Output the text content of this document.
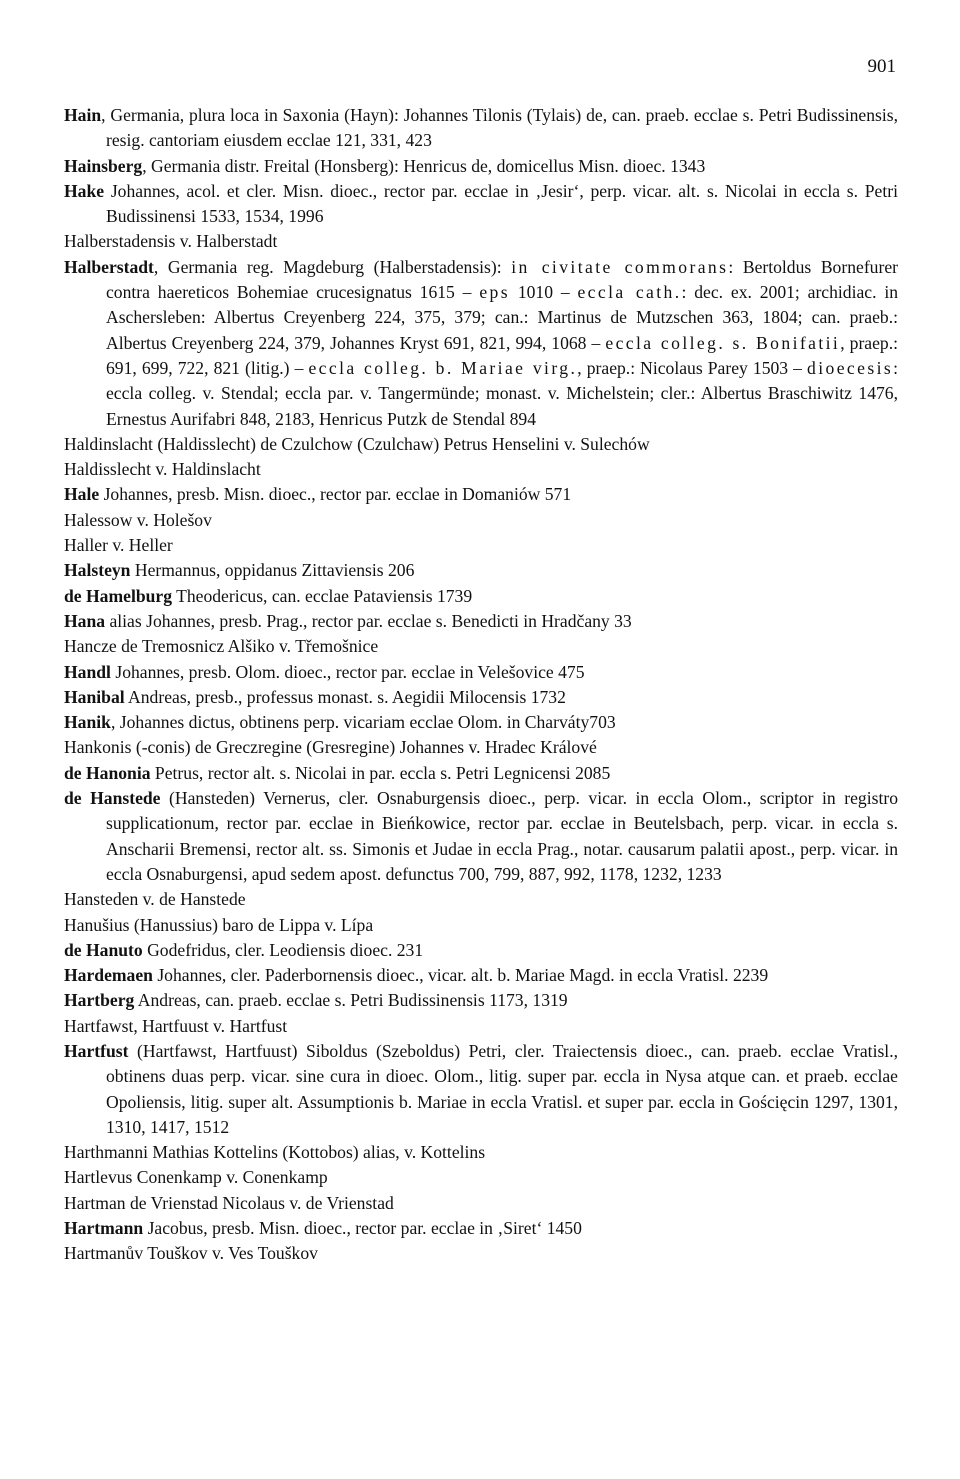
901
Hain, Germania, plura loca in Saxonia (Hayn): Johannes Tilonis (Tylais) de, can. praeb. ecclae s. Petri Budissinensis, resig. cantoriam eiusdem ecclae 121, 331, 423
Hainsberg, Germania distr. Freital (Honsberg): Henricus de, domicellus Misn. dioec. 1343
Hake Johannes, acol. et cler. Misn. dioec., rector par. ecclae in ‚Jesir‘, perp. vicar. alt. s. Nicolai in eccla s. Petri Budissinensi 1533, 1534, 1996
Halberstadensis v. Halberstadt
Halberstadt, Germania reg. Magdeburg (Halberstadensis): in civitate commorans: Bertoldus Bornefurer contra haereticos Bohemiae crucesignatus 1615 – eps 1010 – eccla cath.: dec. ex. 2001; archidiac. in Aschersleben: Albertus Creyenberg 224, 375, 379; can.: Martinus de Mutzschen 363, 1804; can. praeb.: Albertus Creyenberg 224, 379, Johannes Kryst 691, 821, 994, 1068 – eccla colleg. s. Bonifatii, praep.: 691, 699, 722, 821 (litig.) – eccla colleg. b. Mariae virg., praep.: Nicolaus Parey 1503 – dioecesis: eccla colleg. v. Stendal; eccla par. v. Tangermünde; monast. v. Michelstein; cler.: Albertus Braschiwitz 1476, Ernestus Aurifabri 848, 2183, Henricus Putzk de Stendal 894
Haldinslacht (Haldisslecht) de Czulchow (Czulchaw) Petrus Henselini v. Sulechów
Haldisslecht v. Haldinslacht
Hale Johannes, presb. Misn. dioec., rector par. ecclae in Domaniów 571
Halessow v. Holešov
Haller v. Heller
Halsteyn Hermannus, oppidanus Zittaviensis 206
de Hamelburg Theodericus, can. ecclae Pataviensis 1739
Hana alias Johannes, presb. Prag., rector par. ecclae s. Benedicti in Hradčany 33
Hancze de Tremosnicz Alšiko v. Třemošnice
Handl Johannes, presb. Olom. dioec., rector par. ecclae in Velešovice 475
Hanibal Andreas, presb., professus monast. s. Aegidii Milocensis 1732
Hanik, Johannes dictus, obtinens perp. vicariam ecclae Olom. in Charváty703
Hankonis (-conis) de Greczregine (Gresregine) Johannes v. Hradec Králové
de Hanonia Petrus, rector alt. s. Nicolai in par. eccla s. Petri Legnicensi 2085
de Hanstede (Hansteden) Vernerus, cler. Osnaburgensis dioec., perp. vicar. in eccla Olom., scriptor in registro supplicationum, rector par. ecclae in Bieńkowice, rector par. ecclae in Beutelsbach, perp. vicar. in eccla s. Anscharii Bremensi, rector alt. ss. Simonis et Judae in eccla Prag., notar. causarum palatii apost., perp. vicar. in eccla Osnaburgensi, apud sedem apost. defunctus 700, 799, 887, 992, 1178, 1232, 1233
Hansteden v. de Hanstede
Hanušius (Hanussius) baro de Lippa v. Lípa
de Hanuto Godefridus, cler. Leodiensis dioec. 231
Hardemaen Johannes, cler. Paderbornensis dioec., vicar. alt. b. Mariae Magd. in eccla Vratisl. 2239
Hartberg Andreas, can. praeb. ecclae s. Petri Budissinensis 1173, 1319
Hartfawst, Hartfuust v. Hartfust
Hartfust (Hartfawst, Hartfuust) Siboldus (Szeboldus) Petri, cler. Traiectensis dioec., can. praeb. ecclae Vratisl., obtinens duas perp. vicar. sine cura in dioec. Olom., litig. super par. eccla in Nysa atque can. et praeb. ecclae Opoliensis, litig. super alt. Assumptionis b. Mariae in eccla Vratisl. et super par. eccla in Gościęcin 1297, 1301, 1310, 1417, 1512
Harthmanni Mathias Kottelins (Kottobos) alias, v. Kottelins
Hartlevus Conenkamp v. Conenkamp
Hartman de Vrienstad Nicolaus v. de Vrienstad
Hartmann Jacobus, presb. Misn. dioec., rector par. ecclae in ‚Siret‘ 1450
Hartmanův Touškov v. Ves Touškov
